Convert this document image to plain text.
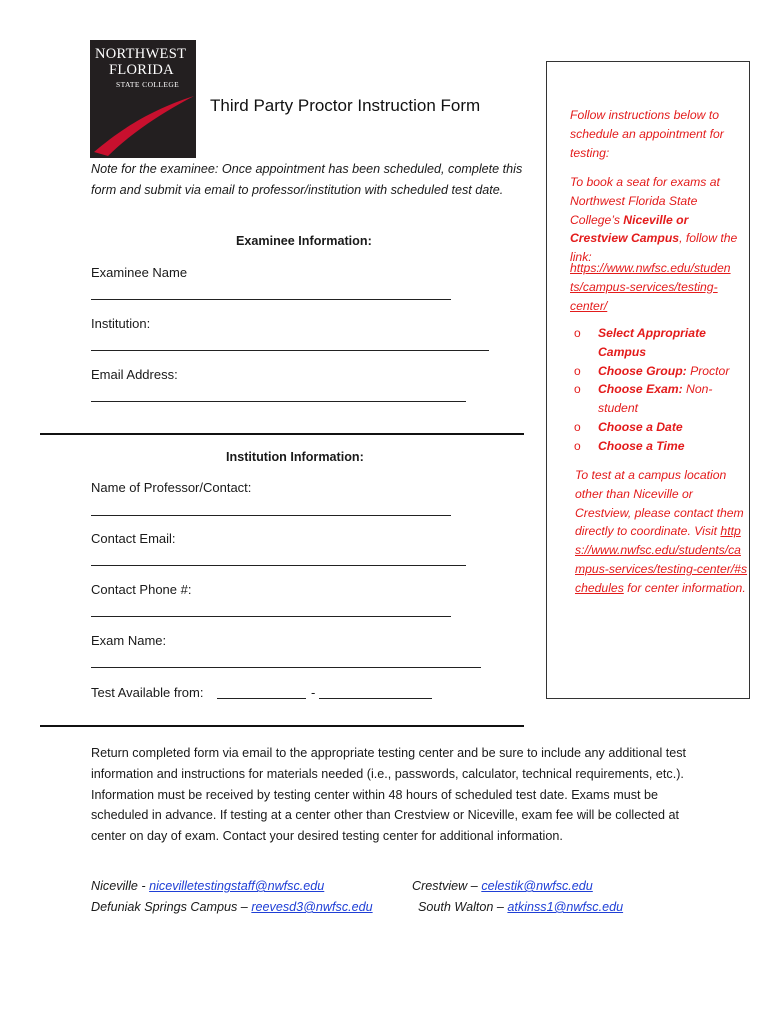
NORTHWEST
FLORIDA
STATE COLLEGE
Third Party Proctor Instruction Form
Note for the examinee: Once appointment has been scheduled, complete this form and submit via email to professor/institution with scheduled test date.
Examinee Information:
Examinee Name
Institution:
Email Address:
Institution Information:
Name of Professor/Contact:
Contact Email:
Contact Phone #:
Exam Name:
Test Available from:	-
Follow instructions below to schedule an appointment for testing:
To book a seat for exams at Northwest Florida State College’s Niceville or Crestview Campus, follow the link:
https://www.nwfsc.edu/studen
ts/campus-services/testing-
center/
o Select Appropriate Campus
o Choose Group: Proctor
o Choose Exam: Non-student
o Choose a Date
o Choose a Time
To test at a campus location other than Niceville or Crestview, please contact them directly to coordinate. Visit https://www.nwfsc.edu/students/campus-services/testing-center/#schedules for center information.
Return completed form via email to the appropriate testing center and be sure to include any additional test information and instructions for materials needed (i.e., passwords, calculator, technical requirements, etc.). Information must be received by testing center within 48 hours of scheduled test date. Exams must be scheduled in advance. If testing at a center other than Crestview or Niceville, exam fee will be collected at center on day of exam. Contact your desired testing center for additional information.
Niceville - nicevilletestingstaff@nwfsc.edu	Crestview – celestik@nwfsc.edu
Defuniak Springs Campus – reevesd3@nwfsc.edu	South Walton – atkinss1@nwfsc.edu
